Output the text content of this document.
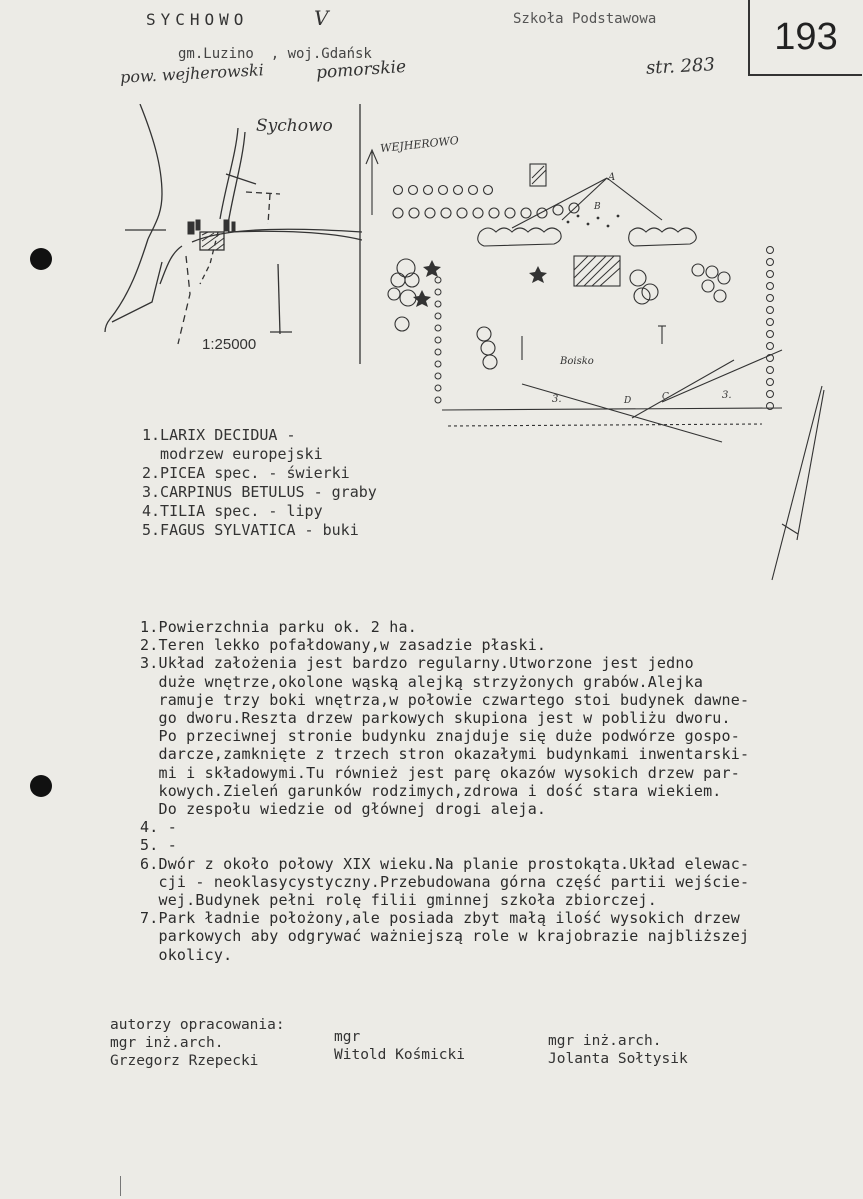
SYCHOWO	V	Szkoła Podstawowa	193
gm.Luzino  , woj.Gdańsk
pow. wejherowski	pomorskie	str. 283
Sychowo
1:25000
WEJHEROWO
Boisko
A
B
D	C
3.	3.
1.LARIX DECIDUA -
modrzew europejski
2.PICEA spec. - świerki
3.CARPINUS BETULUS - graby
4.TILIA spec. - lipy
5.FAGUS SYLVATICA - buki
1.Powierzchnia parku ok. 2 ha.
2.Teren lekko pofałdowany,w zasadzie płaski.
3.Układ założenia jest bardzo regularny.Utworzone jest jedno
duże wnętrze,okolone wąską alejką strzyżonych grabów.Alejka
ramuje trzy boki wnętrza,w połowie czwartego stoi budynek dawne-
go dworu.Reszta drzew parkowych skupiona jest w pobliżu dworu.
Po przeciwnej stronie budynku znajduje się duże podwórze gospo-
darcze,zamknięte z trzech stron okazałymi budynkami inwentarski-
mi i składowymi.Tu również jest parę okazów wysokich drzew par-
kowych.Zieleń garunków rodzimych,zdrowa i dość stara wiekiem.
Do zespołu wiedzie od głównej drogi aleja.
4. -
5. -
6.Dwór z około połowy XIX wieku.Na planie prostokąta.Układ elewac-
cji - neoklasycystyczny.Przebudowana górna część partii wejście-
wej.Budynek pełni rolę filii gminnej szkoła zbiorczej.
7.Park ładnie położony,ale posiada zbyt małą ilość wysokich drzew
parkowych aby odgrywać ważniejszą role w krajobrazie najbliższej
okolicy.
autorzy opracowania:
mgr inż.arch.
Grzegorz Rzepecki
mgr
Witold Kośmicki
mgr inż.arch.
Jolanta Sołtysik
